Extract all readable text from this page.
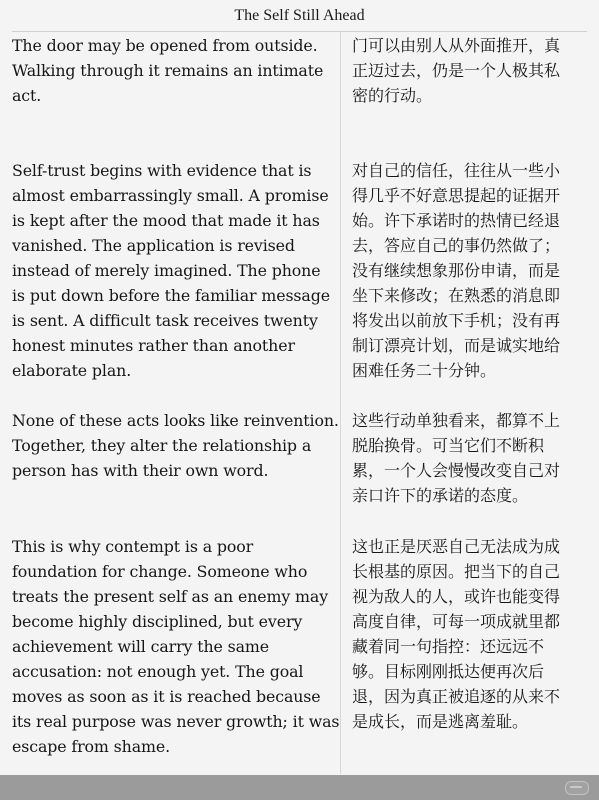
The Self Still Ahead
The door may be opened from outside.
Walking through it remains an intimate
act.
Self-trust begins with evidence that is
almost embarrassingly small. A promise
is kept after the mood that made it has
vanished. The application is revised
instead of merely imagined. The phone
is put down before the familiar message
is sent. A difficult task receives twenty
honest minutes rather than another
elaborate plan.
None of these acts looks like reinvention.
Together, they alter the relationship a
person has with their own word.
This is why contempt is a poor
foundation for change. Someone who
treats the present self as an enemy may
become highly disciplined, but every
achievement will carry the same
accusation: not enough yet. The goal
moves as soon as it is reached because
its real purpose was never growth; it was
escape from shame.
门可以由别人从外面推开，真
正迈过去，仍是一个人极其私
密的行动。
对自己的信任，往往从一些小
得几乎不好意思提起的证据开
始。许下承诺时的热情已经退
去，答应自己的事仍然做了；
没有继续想象那份申请，而是
坐下来修改；在熟悉的消息即
将发出以前放下手机；没有再
制订漂亮计划，而是诚实地给
困难任务二十分钟。
这些行动单独看来，都算不上
脱胎换骨。可当它们不断积
累，一个人会慢慢改变自己对
亲口许下的承诺的态度。
这也正是厌恶自己无法成为成
长根基的原因。把当下的自己
视为敌人的人，或许也能变得
高度自律，可每一项成就里都
藏着同一句指控：还远远不
够。目标刚刚抵达便再次后
退，因为真正被追逐的从来不
是成长，而是逃离羞耻。
